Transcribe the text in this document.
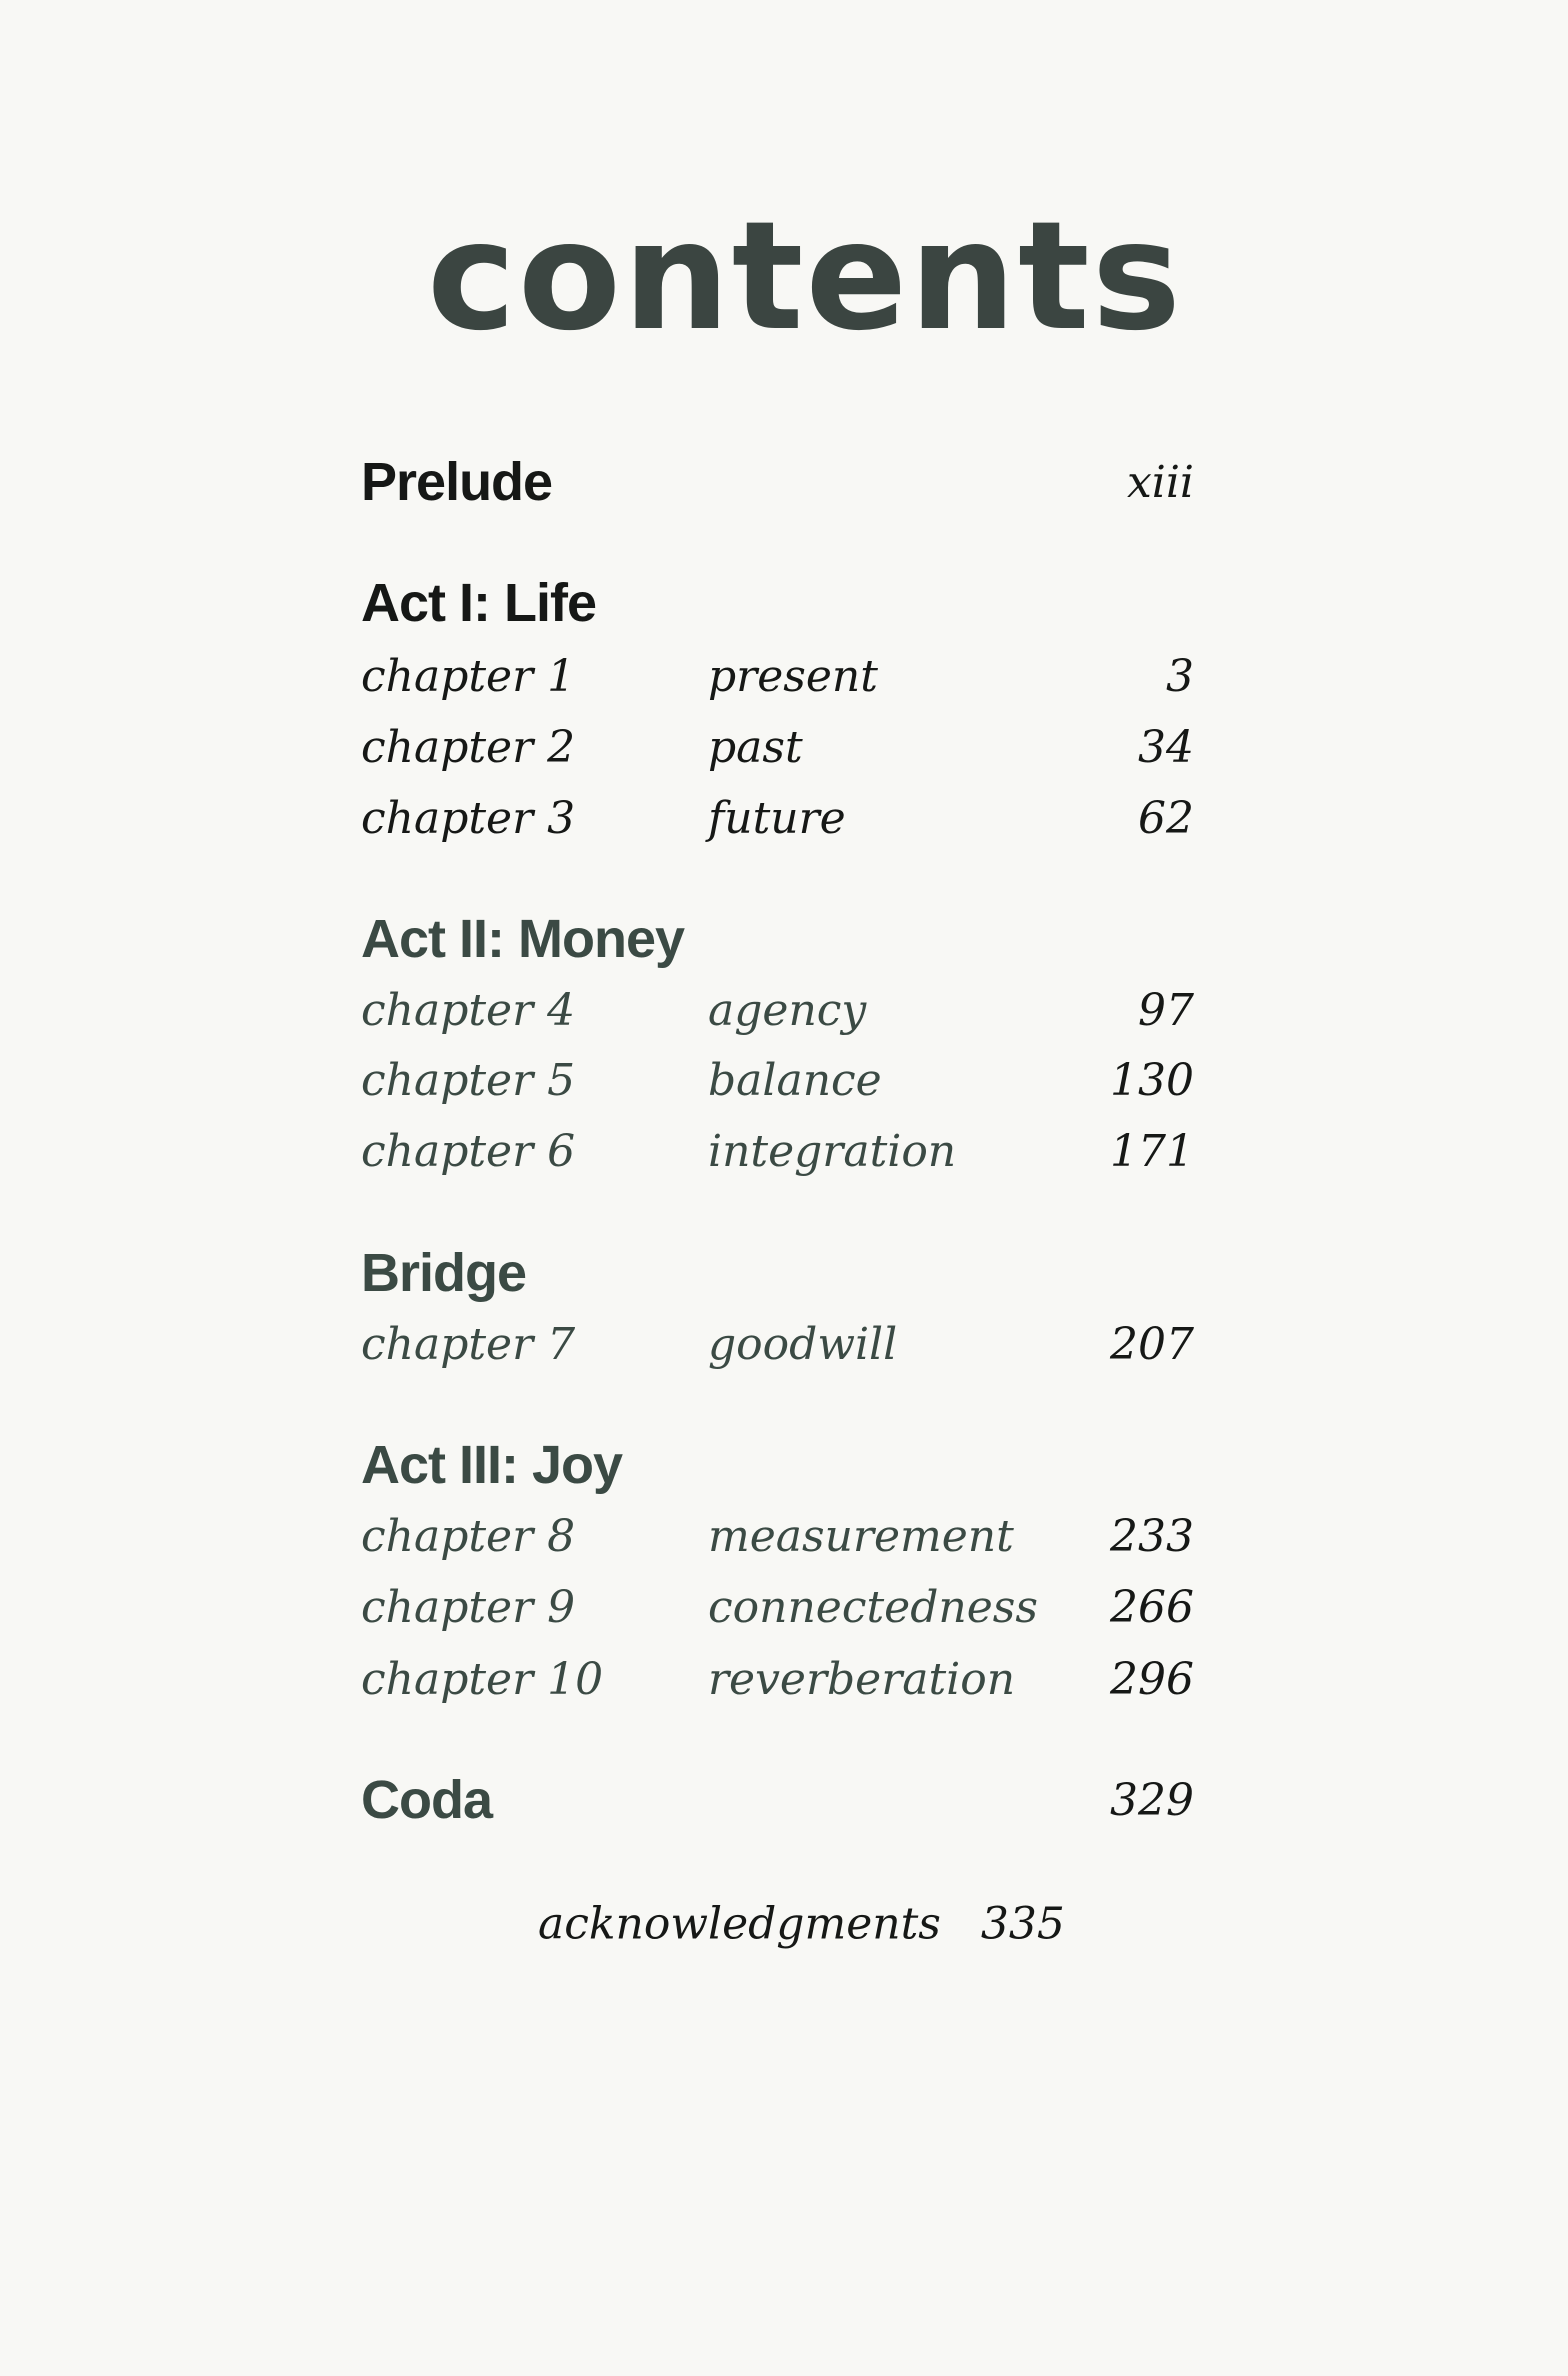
contents
Prelude	xiii
Act I: Life
chapter 1	present	3
chapter 2	past	34
chapter 3	future	62
Act II: Money
chapter 4	agency	97
chapter 5	balance	130
chapter 6	integration	171
Bridge
chapter 7	goodwill	207
Act III: Joy
chapter 8	measurement	233
chapter 9	connectedness	266
chapter 10	reverberation	296
Coda	329
acknowledgments 335
